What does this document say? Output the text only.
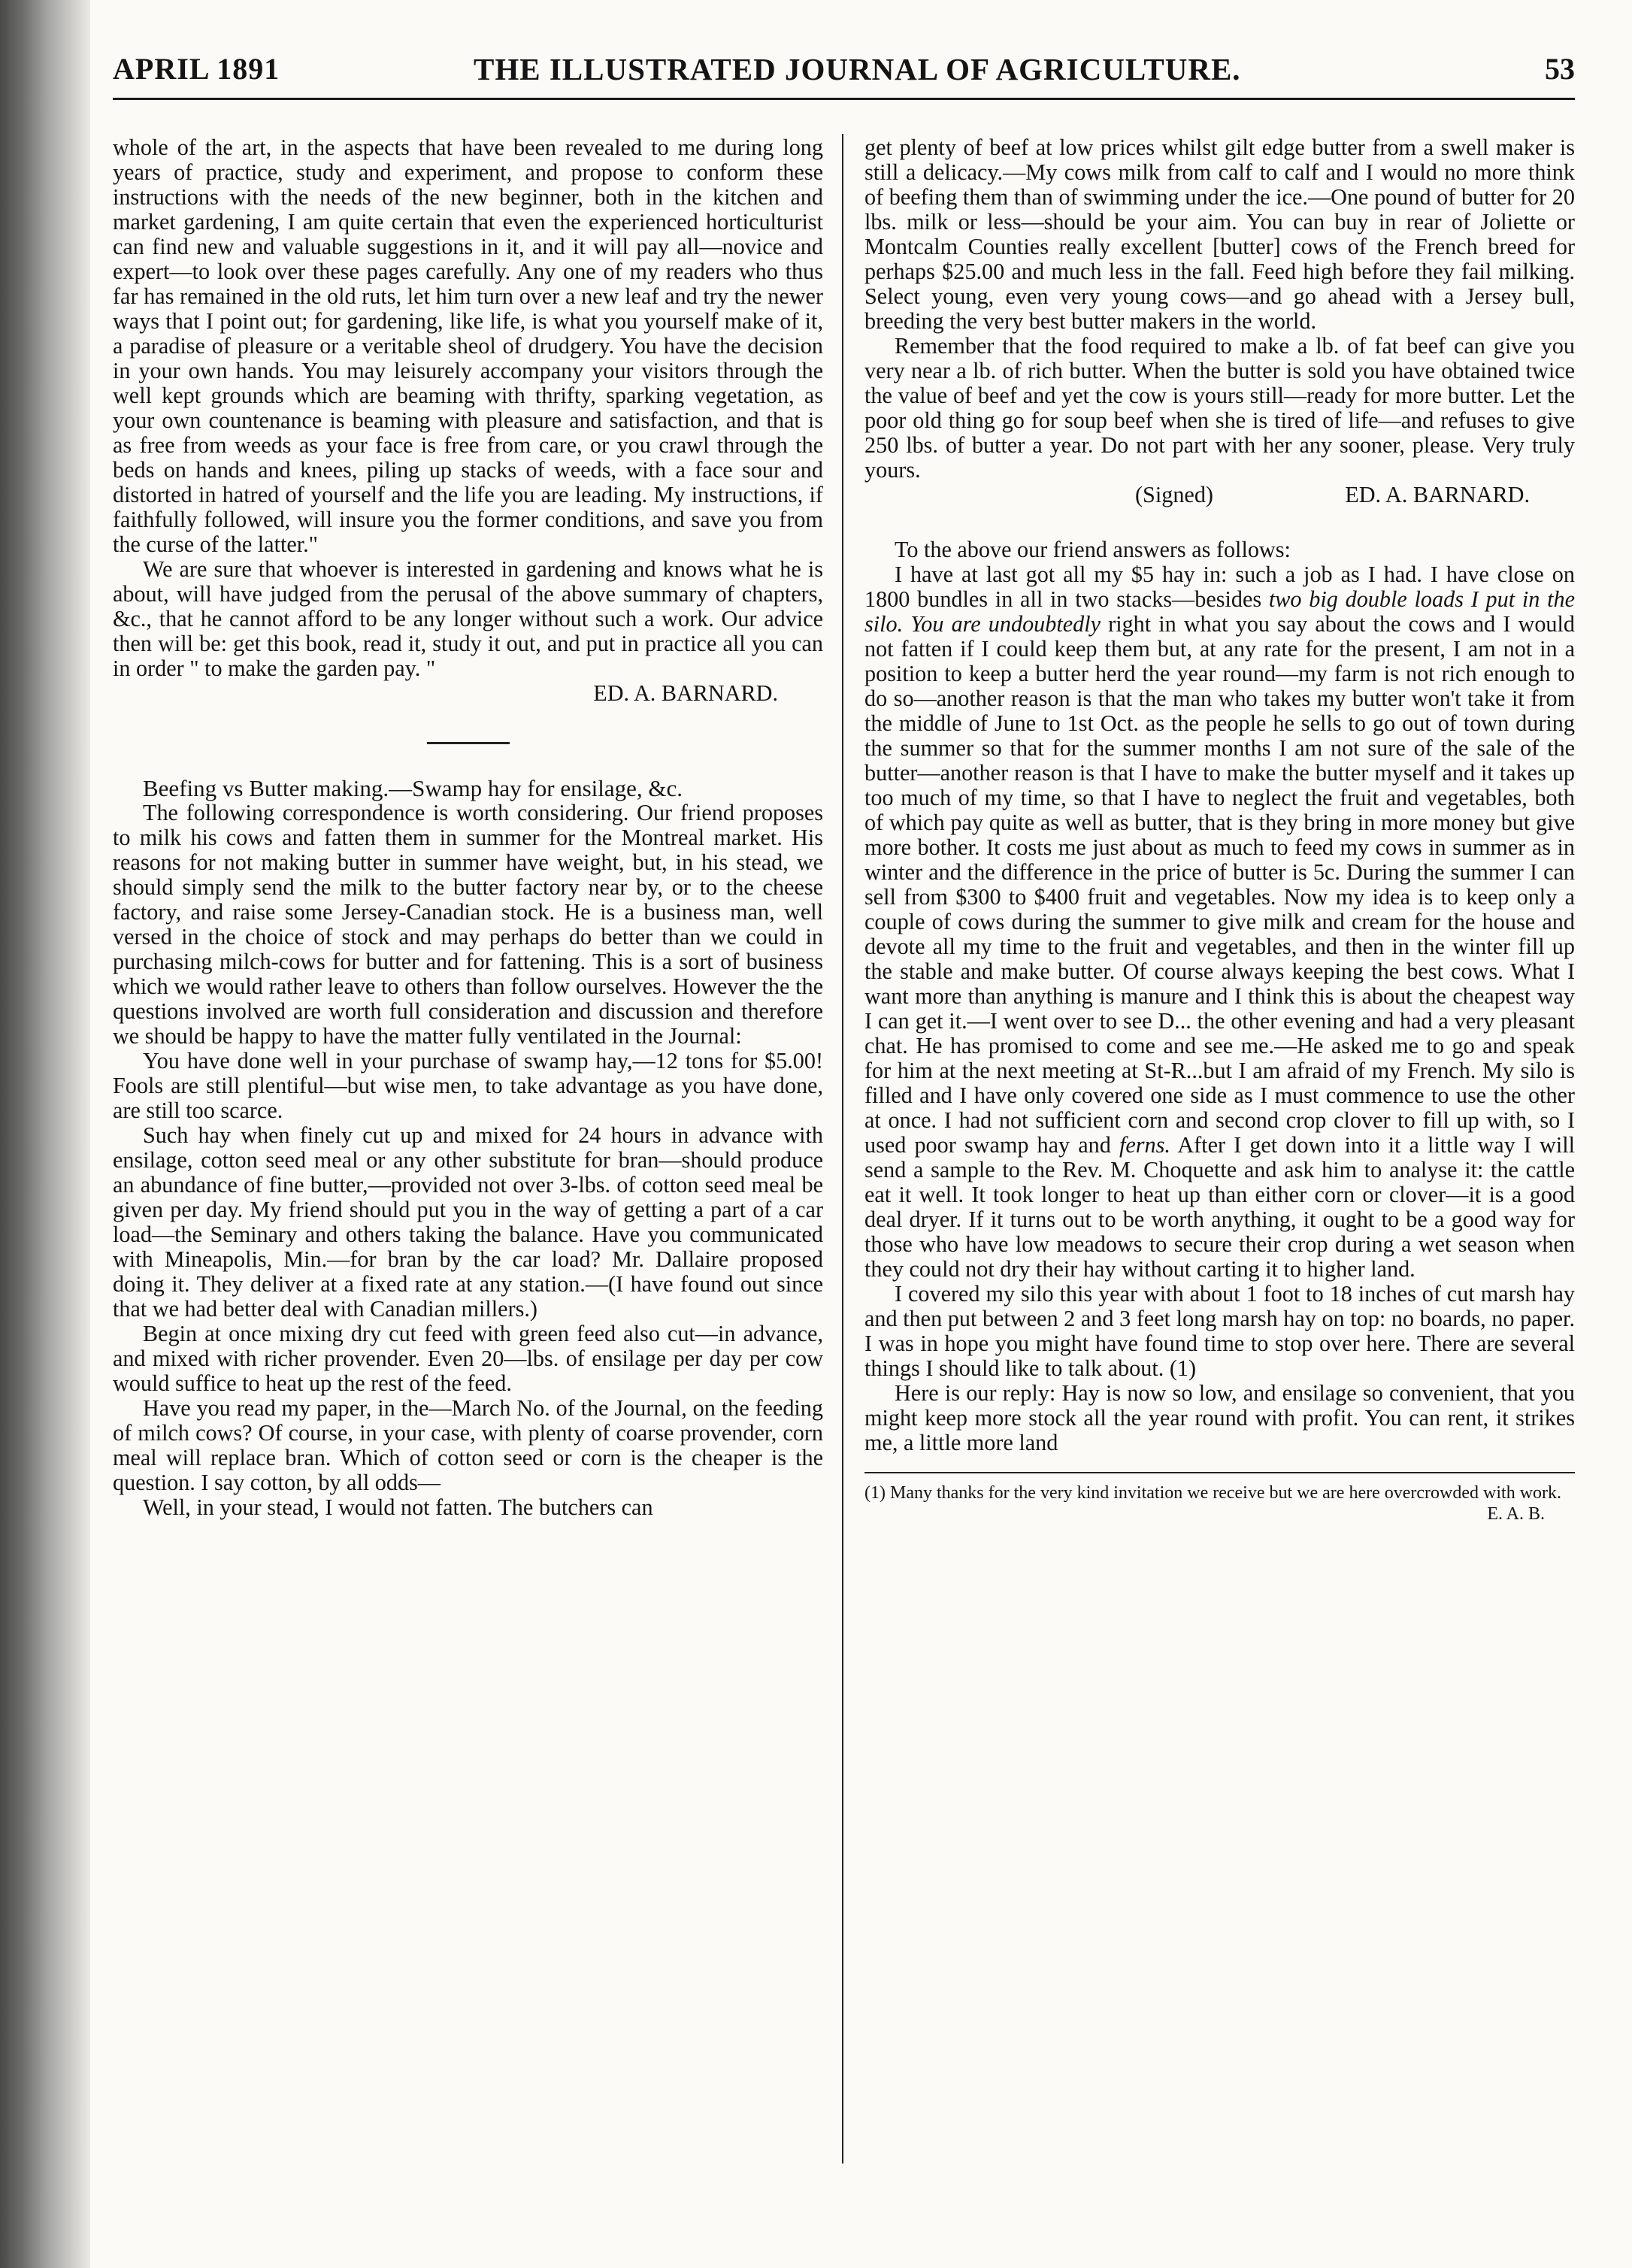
APRIL 1891	THE ILLUSTRATED JOURNAL OF AGRICULTURE.	53

whole of the art, in the aspects that have been revealed to me during long years of practice, study and experiment, and propose to conform these instructions with the needs of the new beginner, both in the kitchen and market gardening, I am quite certain that even the experienced horticulturist can find new and valuable suggestions in it, and it will pay all—novice and expert—to look over these pages carefully. Any one of my readers who thus far has remained in the old ruts, let him turn over a new leaf and try the newer ways that I point out; for gardening, like life, is what you yourself make of it, a paradise of pleasure or a veritable sheol of drudgery. You have the decision in your own hands. You may leisurely accompany your visitors through the well kept grounds which are beaming with thrifty, sparking vegetation, as your own countenance is beaming with pleasure and satisfaction, and that is as free from weeds as your face is free from care, or you crawl through the beds on hands and knees, piling up stacks of weeds, with a face sour and distorted in hatred of yourself and the life you are leading. My instructions, if faithfully followed, will insure you the former conditions, and save you from the curse of the latter."

We are sure that whoever is interested in gardening and knows what he is about, will have judged from the perusal of the above summary of chapters, &c., that he cannot afford to be any longer without such a work. Our advice then will be: get this book, read it, study it out, and put in practice all you can in order " to make the garden pay. "

ED. A. BARNARD.

Beefing vs Butter making.—Swamp hay for ensilage, &c.

The following correspondence is worth considering. Our friend proposes to milk his cows and fatten them in summer for the Montreal market. His reasons for not making butter in summer have weight, but, in his stead, we should simply send the milk to the butter factory near by, or to the cheese factory, and raise some Jersey-Canadian stock. He is a business man, well versed in the choice of stock and may perhaps do better than we could in purchasing milch-cows for butter and for fattening. This is a sort of business which we would rather leave to others than follow ourselves. However the the questions involved are worth full consideration and discussion and therefore we should be happy to have the matter fully ventilated in the Journal:

You have done well in your purchase of swamp hay,—12 tons for $5.00! Fools are still plentiful—but wise men, to take advantage as you have done, are still too scarce.

Such hay when finely cut up and mixed for 24 hours in advance with ensilage, cotton seed meal or any other substitute for bran—should produce an abundance of fine butter,—provided not over 3-lbs. of cotton seed meal be given per day. My friend should put you in the way of getting a part of a car load—the Seminary and others taking the balance. Have you communicated with Mineapolis, Min.—for bran by the car load? Mr. Dallaire proposed doing it. They deliver at a fixed rate at any station.—(I have found out since that we had better deal with Canadian millers.)

Begin at once mixing dry cut feed with green feed also cut—in advance, and mixed with richer provender. Even 20—lbs. of ensilage per day per cow would suffice to heat up the rest of the feed.

Have you read my paper, in the—March No. of the Journal, on the feeding of milch cows? Of course, in your case, with plenty of coarse provender, corn meal will replace bran. Which of cotton seed or corn is the cheaper is the question. I say cotton, by all odds—

Well, in your stead, I would not fatten. The butchers can

get plenty of beef at low prices whilst gilt edge butter from a swell maker is still a delicacy.—My cows milk from calf to calf and I would no more think of beefing them than of swimming under the ice.—One pound of butter for 20 lbs. milk or less—should be your aim. You can buy in rear of Joliette or Montcalm Counties really excellent [butter] cows of the French breed for perhaps $25.00 and much less in the fall. Feed high before they fail milking. Select young, even very young cows—and go ahead with a Jersey bull, breeding the very best butter makers in the world.

Remember that the food required to make a lb. of fat beef can give you very near a lb. of rich butter. When the butter is sold you have obtained twice the value of beef and yet the cow is yours still—ready for more butter. Let the poor old thing go for soup beef when she is tired of life—and refuses to give 250 lbs. of butter a year. Do not part with her any sooner, please. Very truly yours.

(Signed)	ED. A. BARNARD.

To the above our friend answers as follows:

I have at last got all my $5 hay in: such a job as I had. I have close on 1800 bundles in all in two stacks—besides two big double loads I put in the silo. You are undoubtedly right in what you say about the cows and I would not fatten if I could keep them but, at any rate for the present, I am not in a position to keep a butter herd the year round—my farm is not rich enough to do so—another reason is that the man who takes my butter won't take it from the middle of June to 1st Oct. as the people he sells to go out of town during the summer so that for the summer months I am not sure of the sale of the butter—another reason is that I have to make the butter myself and it takes up too much of my time, so that I have to neglect the fruit and vegetables, both of which pay quite as well as butter, that is they bring in more money but give more bother. It costs me just about as much to feed my cows in summer as in winter and the difference in the price of butter is 5c. During the summer I can sell from $300 to $400 fruit and vegetables. Now my idea is to keep only a couple of cows during the summer to give milk and cream for the house and devote all my time to the fruit and vegetables, and then in the winter fill up the stable and make butter. Of course always keeping the best cows. What I want more than anything is manure and I think this is about the cheapest way I can get it.—I went over to see D... the other evening and had a very pleasant chat. He has promised to come and see me.—He asked me to go and speak for him at the next meeting at St-R...but I am afraid of my French. My silo is filled and I have only covered one side as I must commence to use the other at once. I had not sufficient corn and second crop clover to fill up with, so I used poor swamp hay and ferns. After I get down into it a little way I will send a sample to the Rev. M. Choquette and ask him to analyse it: the cattle eat it well. It took longer to heat up than either corn or clover—it is a good deal dryer. If it turns out to be worth anything, it ought to be a good way for those who have low meadows to secure their crop during a wet season when they could not dry their hay without carting it to higher land.

I covered my silo this year with about 1 foot to 18 inches of cut marsh hay and then put between 2 and 3 feet long marsh hay on top: no boards, no paper. I was in hope you might have found time to stop over here. There are several things I should like to talk about. (1)

Here is our reply: Hay is now so low, and ensilage so convenient, that you might keep more stock all the year round with profit. You can rent, it strikes me, a little more land

(1) Many thanks for the very kind invitation we receive but we are here overcrowded with work.
E. A. B.
